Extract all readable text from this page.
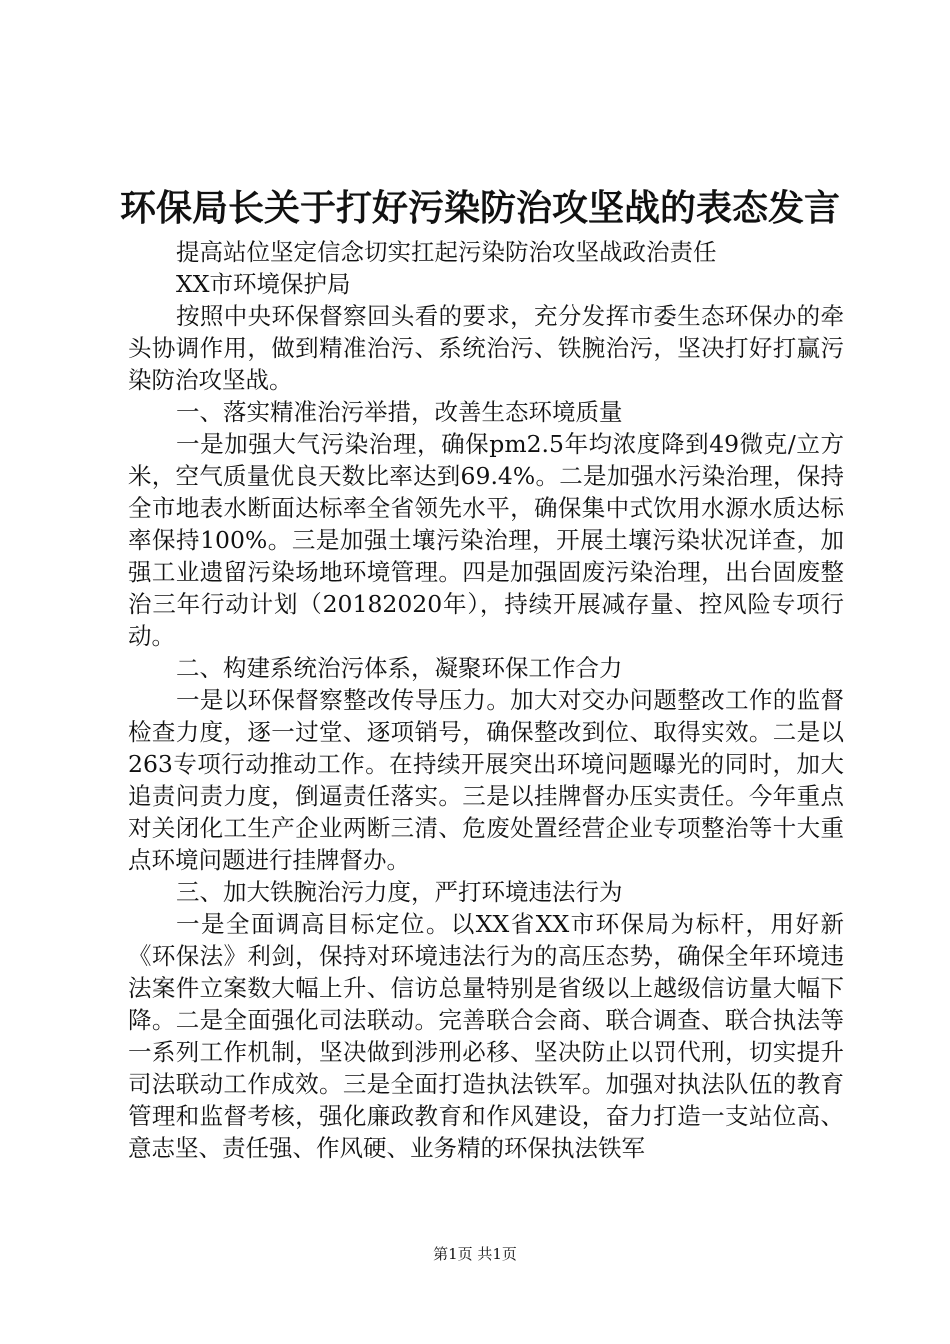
环保局长关于打好污染防治攻坚战的表态发言

提高站位坚定信念切实扛起污染防治攻坚战政治责任

XX市环境保护局

按照中央环保督察回头看的要求，充分发挥市委生态环保办的牵头协调作用，做到精准治污、系统治污、铁腕治污，坚决打好打赢污染防治攻坚战。

一、落实精准治污举措，改善生态环境质量

一是加强大气污染治理，确保pm2.5年均浓度降到49微克/立方米，空气质量优良天数比率达到69.4%。二是加强水污染治理，保持全市地表水断面达标率全省领先水平，确保集中式饮用水源水质达标率保持100%。三是加强土壤污染治理，开展土壤污染状况详查，加强工业遗留污染场地环境管理。四是加强固废污染治理，出台固废整治三年行动计划（20182020年），持续开展减存量、控风险专项行动。

二、构建系统治污体系，凝聚环保工作合力

一是以环保督察整改传导压力。加大对交办问题整改工作的监督检查力度，逐一过堂、逐项销号，确保整改到位、取得实效。二是以263专项行动推动工作。在持续开展突出环境问题曝光的同时，加大追责问责力度，倒逼责任落实。三是以挂牌督办压实责任。今年重点对关闭化工生产企业两断三清、危废处置经营企业专项整治等十大重点环境问题进行挂牌督办。

三、加大铁腕治污力度，严打环境违法行为

一是全面调高目标定位。以XX省XX市环保局为标杆，用好新《环保法》利剑，保持对环境违法行为的高压态势，确保全年环境违法案件立案数大幅上升、信访总量特别是省级以上越级信访量大幅下降。二是全面强化司法联动。完善联合会商、联合调查、联合执法等一系列工作机制，坚决做到涉刑必移、坚决防止以罚代刑，切实提升司法联动工作成效。三是全面打造执法铁军。加强对执法队伍的教育管理和监督考核，强化廉政教育和作风建设，奋力打造一支站位高、意志坚、责任强、作风硬、业务精的环保执法铁军

第1页 共1页
